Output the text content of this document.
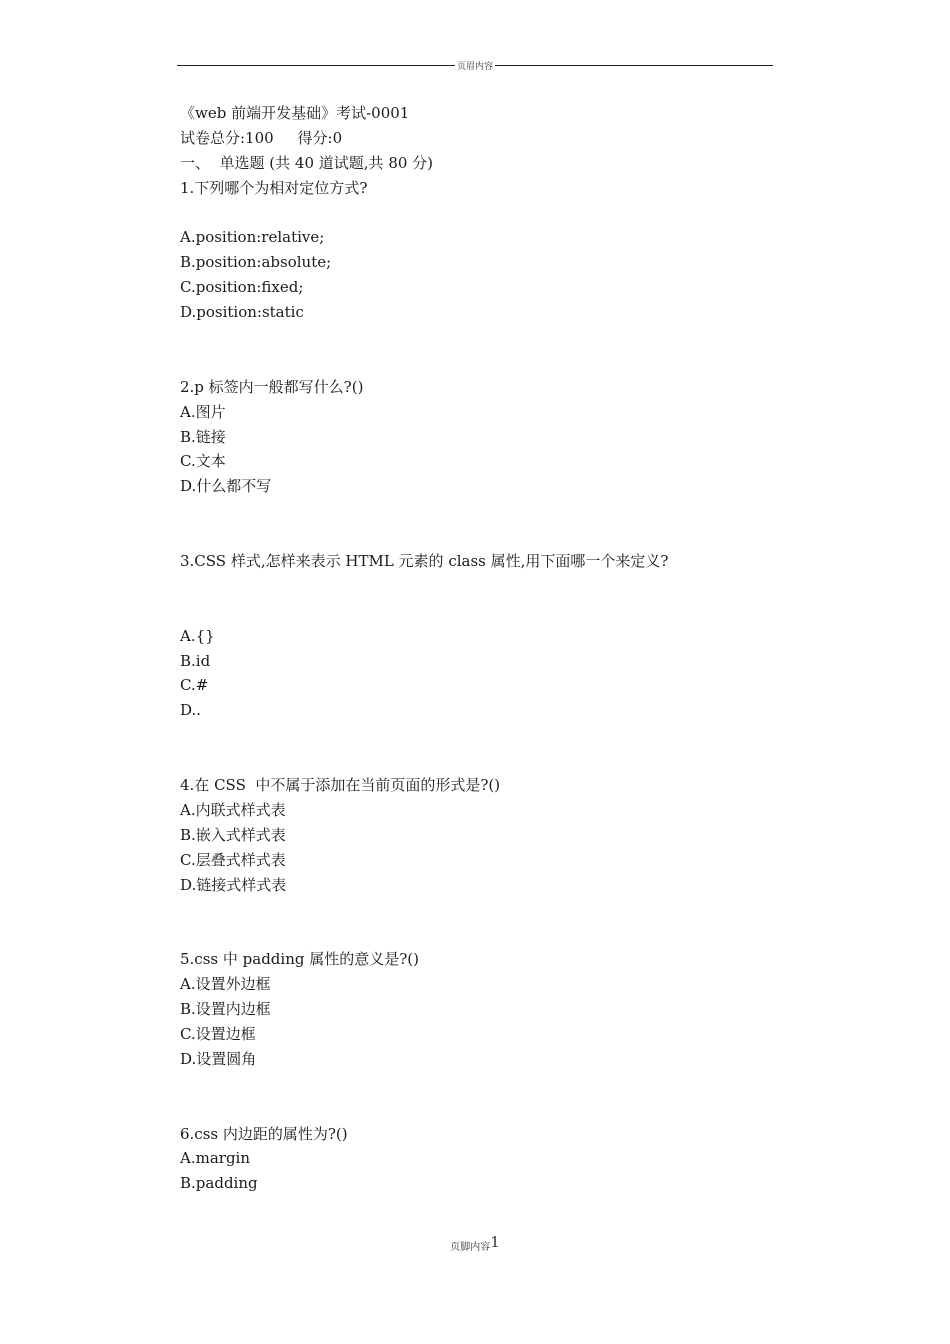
页眉内容
《web 前端开发基础》考试-0001
试卷总分:100     得分:0
一、  单选题 (共 40 道试题,共 80 分)
1.下列哪个为相对定位方式?
A.position:relative;
B.position:absolute;
C.position:fixed;
D.position:static
2.p 标签内一般都写什么?()
A.图片
B.链接
C.文本
D.什么都不写
3.CSS 样式,怎样来表示 HTML 元素的 class 属性,用下面哪一个来定义?
A.{}
B.id
C.#
D..
4.在 CSS  中不属于添加在当前页面的形式是?()
A.内联式样式表
B.嵌入式样式表
C.层叠式样式表
D.链接式样式表
5.css 中 padding 属性的意义是?()
A.设置外边框
B.设置内边框
C.设置边框
D.设置圆角
6.css 内边距的属性为?()
A.margin
B.padding
页脚内容1
